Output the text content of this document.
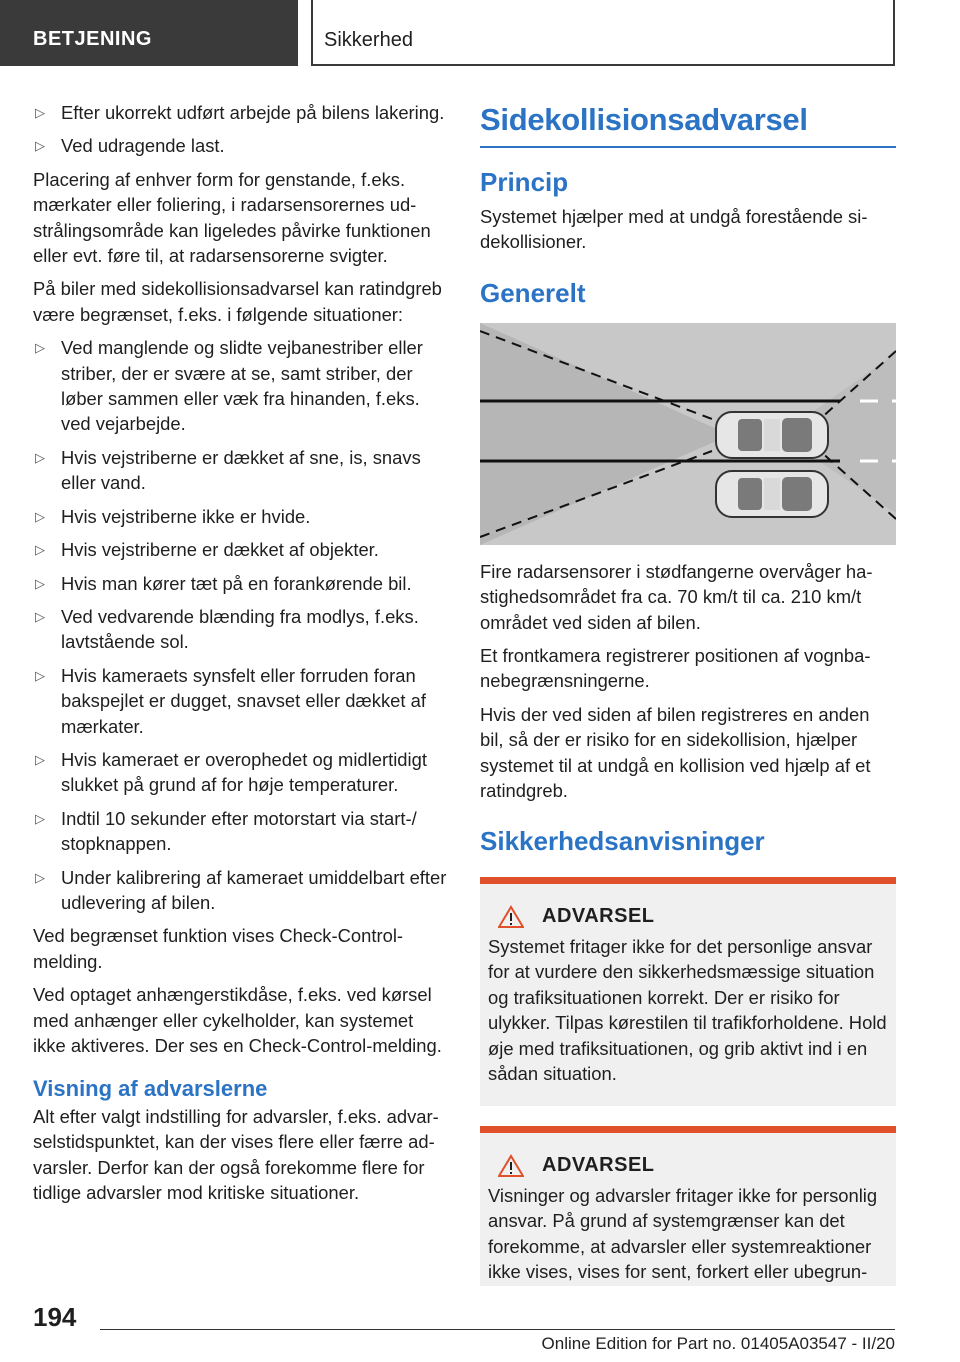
BETJENING	Sikkerhed
▷ Efter ukorrekt udført arbejde på bilens lakering.
▷ Ved udragende last.

Placering af enhver form for genstande, f.eks. mærkater eller foliering, i radarsensorernes udstrålingsområde kan ligeledes påvirke funktionen eller evt. føre til, at radarsensorerne svigter.

På biler med sidekollisionsadvarsel kan ratindgreb være begrænset, f.eks. i følgende situationer:

▷ Ved manglende og slidte vejbanestriber eller striber, der er svære at se, samt striber, der løber sammen eller væk fra hinanden, f.eks. ved vejarbejde.
▷ Hvis vejstriberne er dækket af sne, is, snavs eller vand.
▷ Hvis vejstriberne ikke er hvide.
▷ Hvis vejstriberne er dækket af objekter.
▷ Hvis man kører tæt på en forankørende bil.
▷ Ved vedvarende blænding fra modlys, f.eks. lavtstående sol.
▷ Hvis kameraets synsfelt eller forruden foran bakspejlet er dugget, snavset eller dækket af mærkater.
▷ Hvis kameraet er overophedet og midlertidigt slukket på grund af for høje temperaturer.
▷ Indtil 10 sekunder efter motorstart via start-/ stopknappen.
▷ Under kalibrering af kameraet umiddelbart efter udlevering af bilen.

Ved begrænset funktion vises Check-Control-melding.

Ved optaget anhængerstikdåse, f.eks. ved kørsel med anhænger eller cykelholder, kan systemet ikke aktiveres. Der ses en Check-Control-melding.

Visning af advarslerne

Alt efter valgt indstilling for advarsler, f.eks. advarselstidspunktet, kan der vises flere eller færre advarsler. Derfor kan der også forekomme flere for tidlige advarsler mod kritiske situationer.

Sidekollisionsadvarsel
Princip

Systemet hjælper med at undgå forestående sidekollisioner.

Generelt

Fire radarsensorer i stødfangerne overvåger hastighedsområdet fra ca. 70 km/t til ca. 210 km/t området ved siden af bilen.

Et frontkamera registrerer positionen af vognbanebegrænsningerne.

Hvis der ved siden af bilen registreres en anden bil, så der er risiko for en sidekollision, hjælper systemet til at undgå en kollision ved hjælp af et ratindgreb.

Sikkerhedsanvisninger
ADVARSEL

Systemet fritager ikke for det personlige ansvar for at vurdere den sikkerhedsmæssige situation og trafiksituationen korrekt. Der er risiko for ulykker. Tilpas kørestilen til trafikforholdene. Hold øje med trafiksituationen, og grib aktivt ind i en sådan situation.

ADVARSEL

Visninger og advarsler fritager ikke for personlig ansvar. På grund af systemgrænser kan det forekomme, at advarsler eller systemreaktioner ikke vises, vises for sent, forkert eller ubegrun-

194
Online Edition for Part no. 01405A03547 - II/20
